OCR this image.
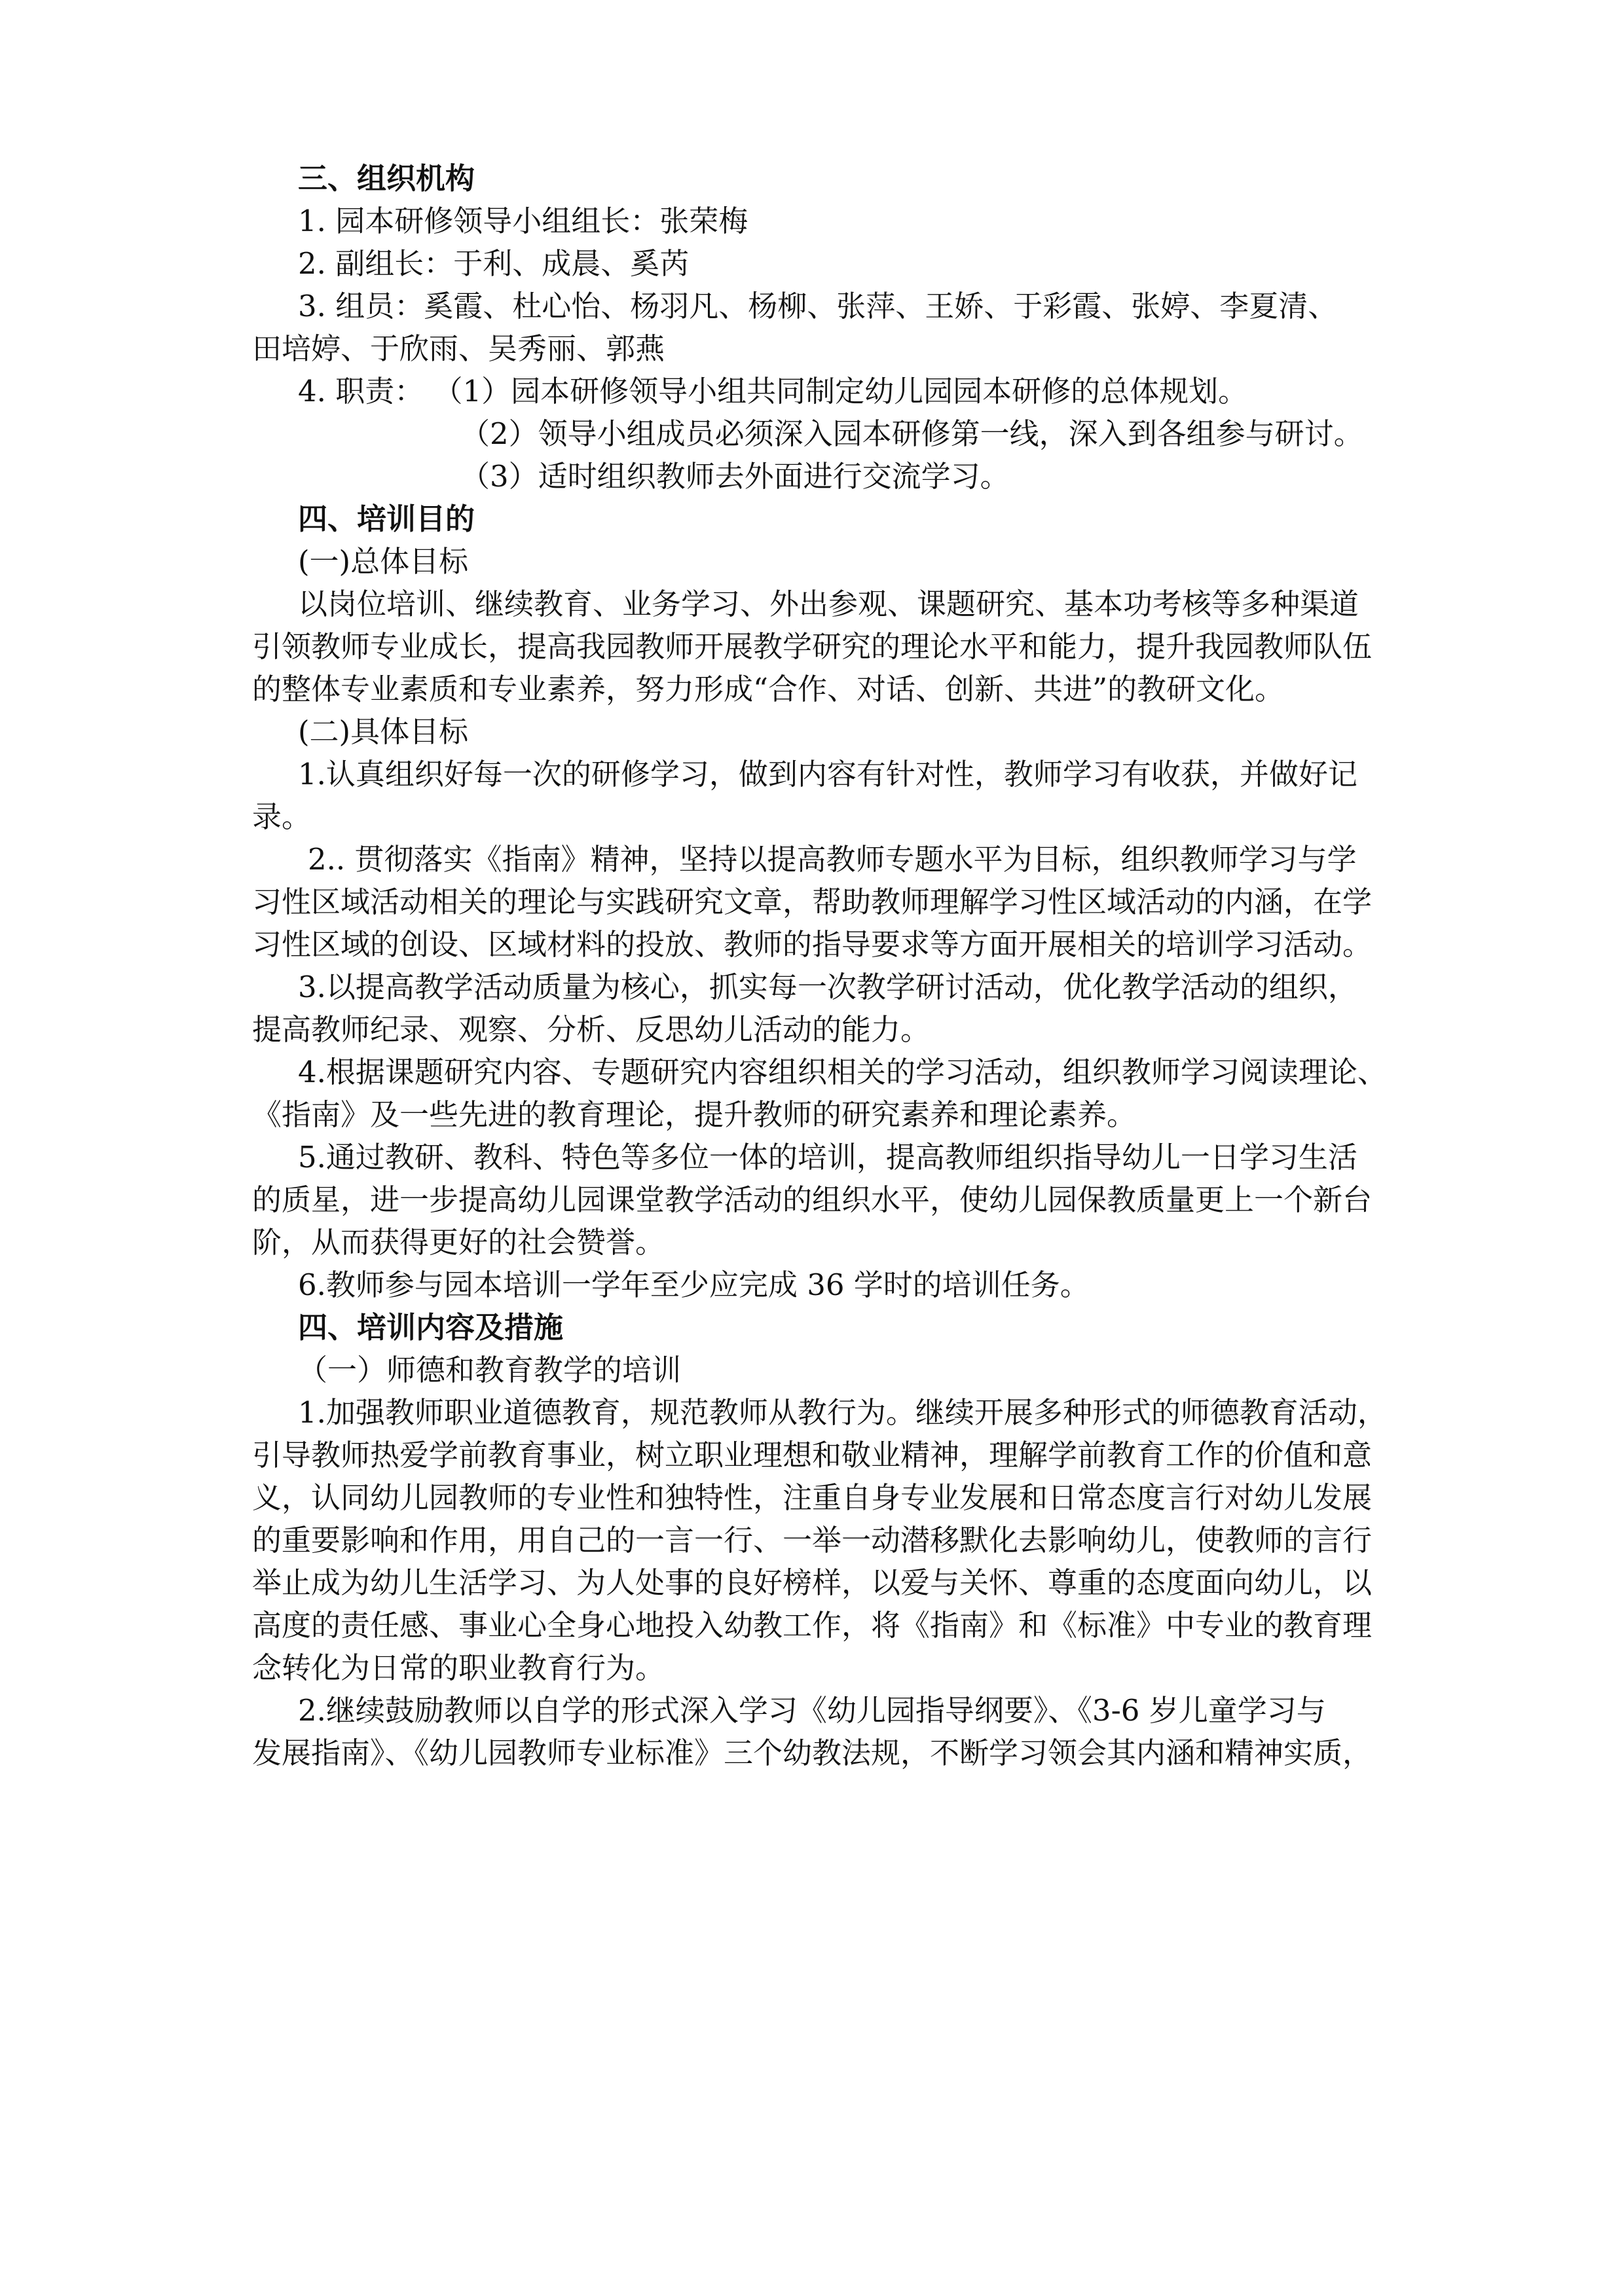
三、组织机构

1. 园本研修领导小组组长：张荣梅

2. 副组长：于利、成晨、奚芮

3. 组员：奚霞、杜心怡、杨羽凡、杨柳、张萍、王娇、于彩霞、张婷、李夏清、

田培婷、于欣雨、吴秀丽、郭燕

4. 职责： （1）园本研修领导小组共同制定幼儿园园本研修的总体规划。

（2）领导小组成员必须深入园本研修第一线，深入到各组参与研讨。

（3）适时组织教师去外面进行交流学习。

四、培训目的

(一)总体目标

以岗位培训、继续教育、业务学习、外出参观、课题研究、基本功考核等多种渠道

引领教师专业成长，提高我园教师开展教学研究的理论水平和能力，提升我园教师队伍

的整体专业素质和专业素养，努力形成“合作、对话、创新、共进”的教研文化。

(二)具体目标

1.认真组织好每一次的研修学习，做到内容有针对性，教师学习有收获，并做好记

录。

2.. 贯彻落实《指南》精神，坚持以提高教师专题水平为目标，组织教师学习与学

习性区域活动相关的理论与实践研究文章，帮助教师理解学习性区域活动的内涵，在学

习性区域的创设、区域材料的投放、教师的指导要求等方面开展相关的培训学习活动。

3.以提高教学活动质量为核心，抓实每一次教学研讨活动，优化教学活动的组织，

提高教师纪录、观察、分析、反思幼儿活动的能力。

4.根据课题研究内容、专题研究内容组织相关的学习活动，组织教师学习阅读理论、

《指南》及一些先进的教育理论，提升教师的研究素养和理论素养。

5.通过教研、教科、特色等多位一体的培训，提高教师组织指导幼儿一日学习生活

的质星，进一步提高幼儿园课堂教学活动的组织水平，使幼儿园保教质量更上一个新台

阶，从而获得更好的社会赞誉。

6.教师参与园本培训一学年至少应完成 36 学时的培训任务。

四、培训内容及措施

（一）师德和教育教学的培训

1.加强教师职业道德教育，规范教师从教行为。继续开展多种形式的师德教育活动，

引导教师热爱学前教育事业，树立职业理想和敬业精神，理解学前教育工作的价值和意

义，认同幼儿园教师的专业性和独特性，注重自身专业发展和日常态度言行对幼儿发展

的重要影响和作用，用自己的一言一行、一举一动潜移默化去影响幼儿，使教师的言行

举止成为幼儿生活学习、为人处事的良好榜样，以爱与关怀、尊重的态度面向幼儿，以

高度的责任感、事业心全身心地投入幼教工作，将《指南》和《标准》中专业的教育理

念转化为日常的职业教育行为。

2.继续鼓励教师以自学的形式深入学习《幼儿园指导纲要》、《3-6 岁儿童学习与

发展指南》、《幼儿园教师专业标准》三个幼教法规，不断学习领会其内涵和精神实质，
